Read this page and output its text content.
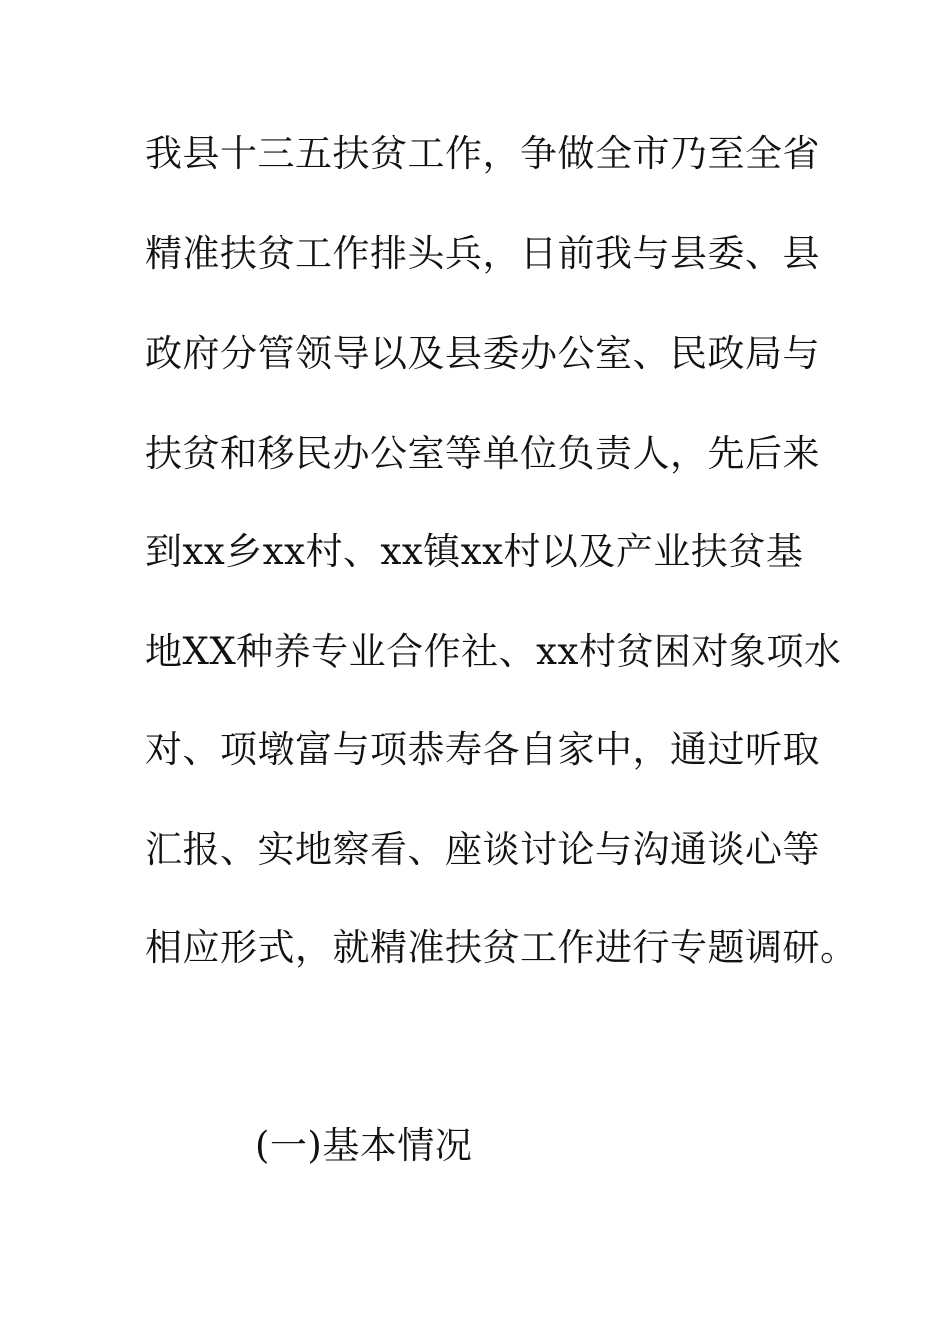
我县十三五扶贫工作，争做全市乃至全省
精准扶贫工作排头兵，日前我与县委、县
政府分管领导以及县委办公室、民政局与
扶贫和移民办公室等单位负责人，先后来
到xx乡xx村、xx镇xx村以及产业扶贫基
地XX种养专业合作社、xx村贫困对象项水
对、项墩富与项恭寿各自家中，通过听取
汇报、实地察看、座谈讨论与沟通谈心等
相应形式，就精准扶贫工作进行专题调研。
(一)基本情况
